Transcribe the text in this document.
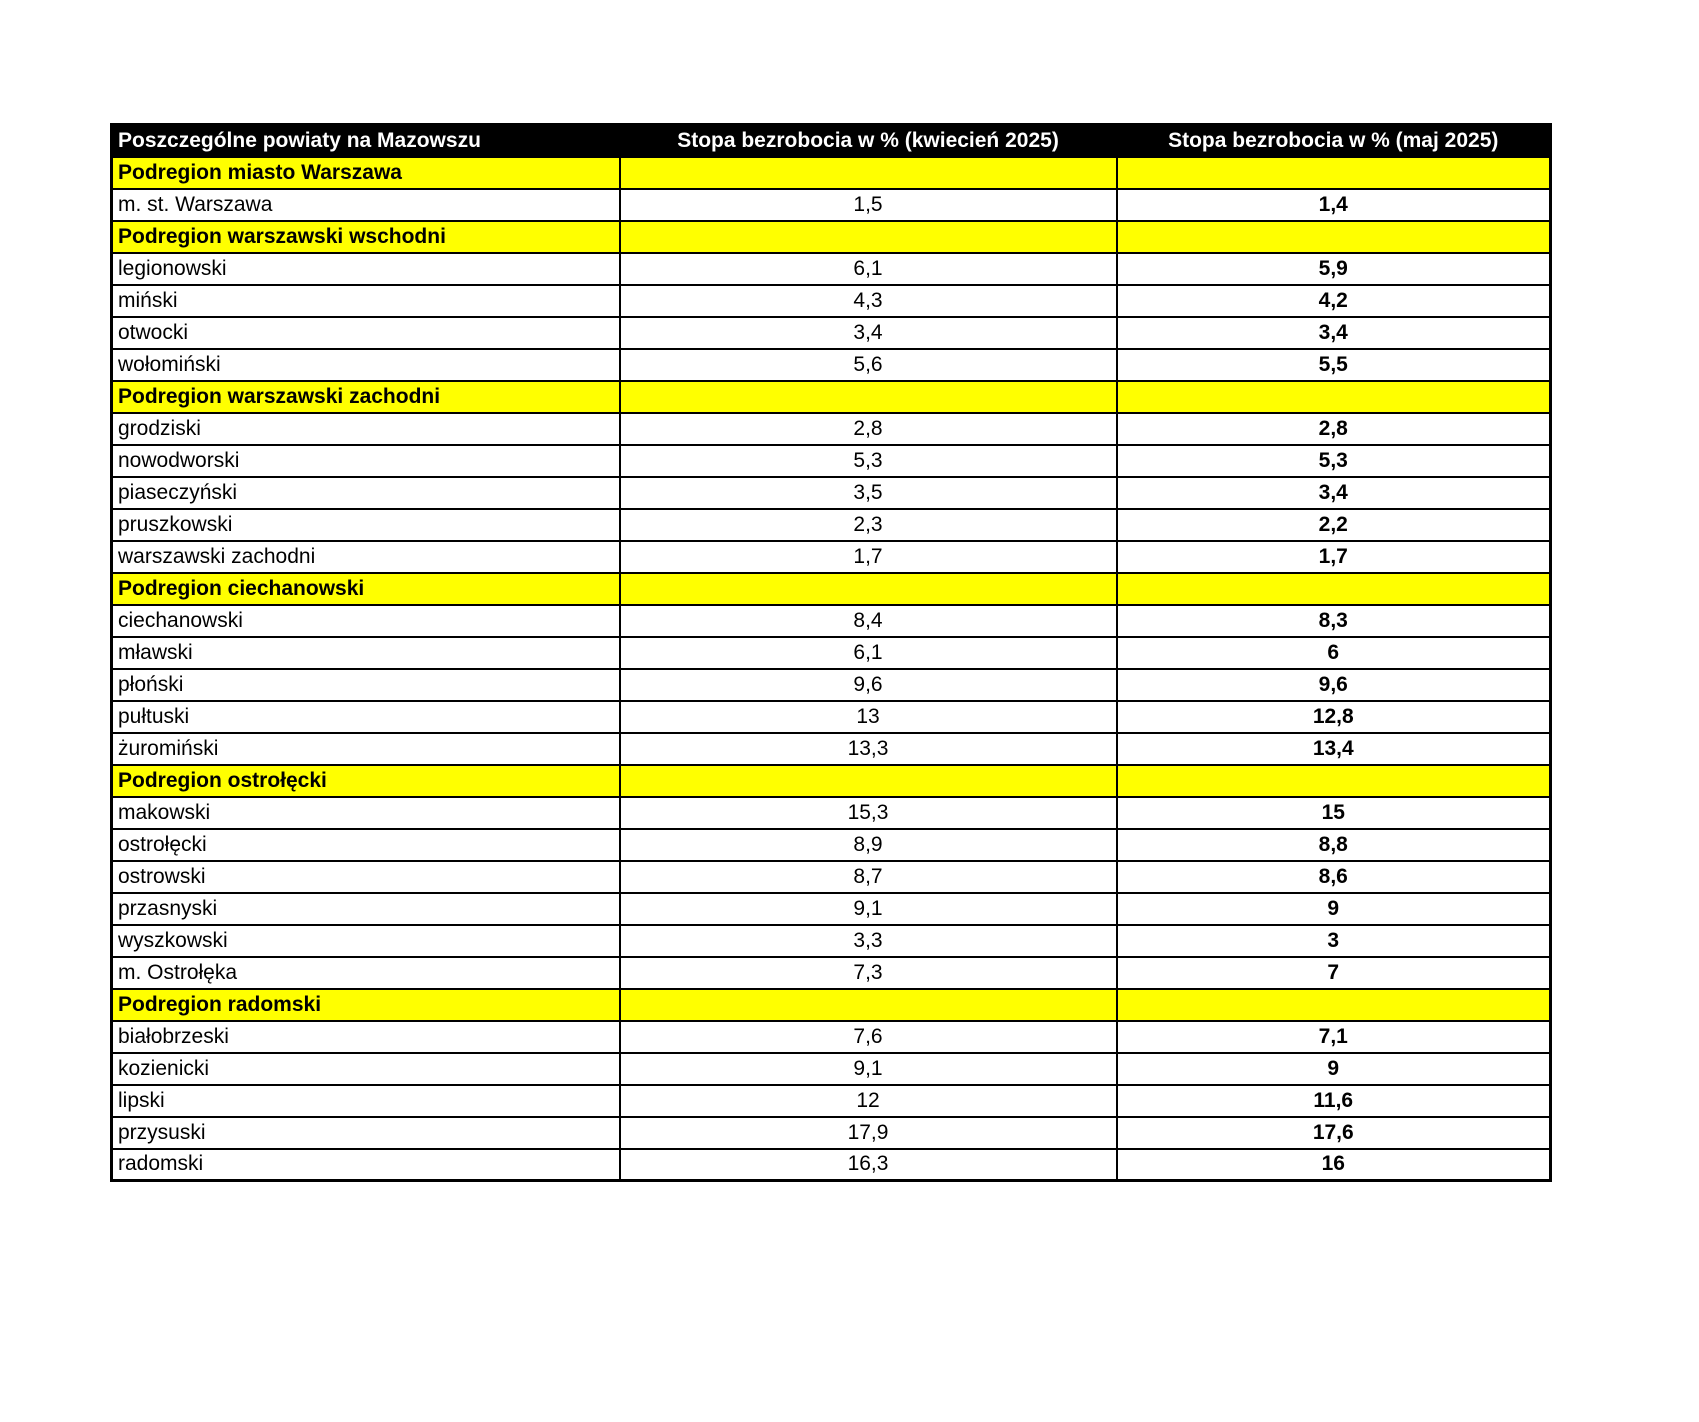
Poszczególne powiaty na Mazowszu	Stopa bezrobocia w % (kwiecień 2025)	Stopa bezrobocia w % (maj 2025)
Podregion miasto Warszawa		
m. st. Warszawa	1,5	1,4
Podregion warszawski wschodni		
legionowski	6,1	5,9
miński	4,3	4,2
otwocki	3,4	3,4
wołomiński	5,6	5,5
Podregion warszawski zachodni		
grodziski	2,8	2,8
nowodworski	5,3	5,3
piaseczyński	3,5	3,4
pruszkowski	2,3	2,2
warszawski zachodni	1,7	1,7
Podregion ciechanowski		
ciechanowski	8,4	8,3
mławski	6,1	6
płoński	9,6	9,6
pułtuski	13	12,8
żuromiński	13,3	13,4
Podregion ostrołęcki		
makowski	15,3	15
ostrołęcki	8,9	8,8
ostrowski	8,7	8,6
przasnyski	9,1	9
wyszkowski	3,3	3
m. Ostrołęka	7,3	7
Podregion radomski		
białobrzeski	7,6	7,1
kozienicki	9,1	9
lipski	12	11,6
przysuski	17,9	17,6
radomski	16,3	16
